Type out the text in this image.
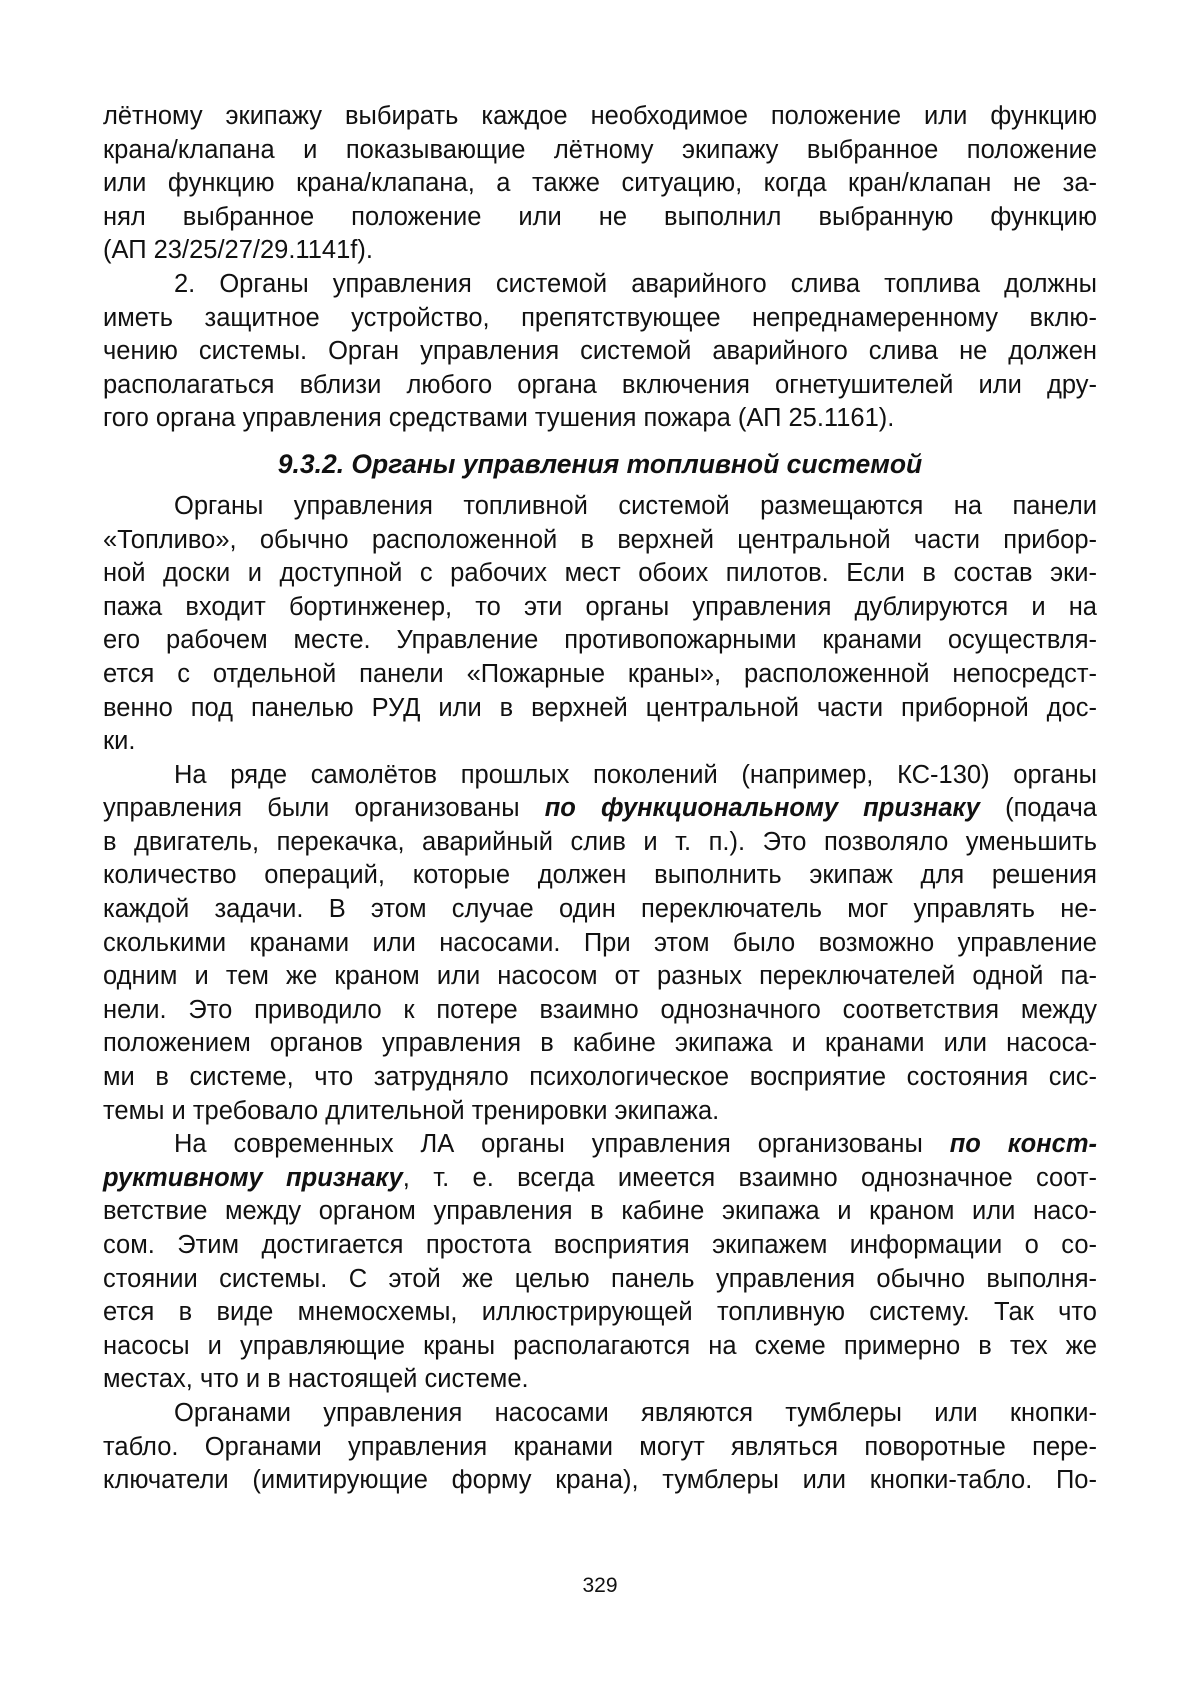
лётному экипажу выбирать каждое необходимое положение или функцию
крана/клапана и показывающие лётному экипажу выбранное положение
или функцию крана/клапана, а также ситуацию, когда кран/клапан не за-
нял выбранное положение или не выполнил выбранную функцию
(АП 23/25/27/29.1141f).
2. Органы управления системой аварийного слива топлива должны
иметь защитное устройство, препятствующее непреднамеренному вклю-
чению системы. Орган управления системой аварийного слива не должен
располагаться вблизи любого органа включения огнетушителей или дру-
гого органа управления средствами тушения пожара (АП 25.1161).
9.3.2. Органы управления топливной системой
Органы управления топливной системой размещаются на панели
«Топливо», обычно расположенной в верхней центральной части прибор-
ной доски и доступной с рабочих мест обоих пилотов. Если в состав эки-
пажа входит бортинженер, то эти органы управления дублируются и на
его рабочем месте. Управление противопожарными кранами осуществля-
ется с отдельной панели «Пожарные краны», расположенной непосредст-
венно под панелью РУД или в верхней центральной части приборной дос-
ки.
На ряде самолётов прошлых поколений (например, КС-130) органы
управления были организованы по функциональному признаку (подача
в двигатель, перекачка, аварийный слив и т. п.). Это позволяло уменьшить
количество операций, которые должен выполнить экипаж для решения
каждой задачи. В этом случае один переключатель мог управлять не-
сколькими кранами или насосами. При этом было возможно управление
одним и тем же краном или насосом от разных переключателей одной па-
нели. Это приводило к потере взаимно однозначного соответствия между
положением органов управления в кабине экипажа и кранами или насоса-
ми в системе, что затрудняло психологическое восприятие состояния сис-
темы и требовало длительной тренировки экипажа.
На современных ЛА органы управления организованы по конст-
руктивному признаку, т. е. всегда имеется взаимно однозначное соот-
ветствие между органом управления в кабине экипажа и краном или насо-
сом. Этим достигается простота восприятия экипажем информации о со-
стоянии системы. С этой же целью панель управления обычно выполня-
ется в виде мнемосхемы, иллюстрирующей топливную систему. Так что
насосы и управляющие краны располагаются на схеме примерно в тех же
местах, что и в настоящей системе.
Органами управления насосами являются тумблеры или кнопки-
табло. Органами управления кранами могут являться поворотные пере-
ключатели (имитирующие форму крана), тумблеры или кнопки-табло. По-
329
